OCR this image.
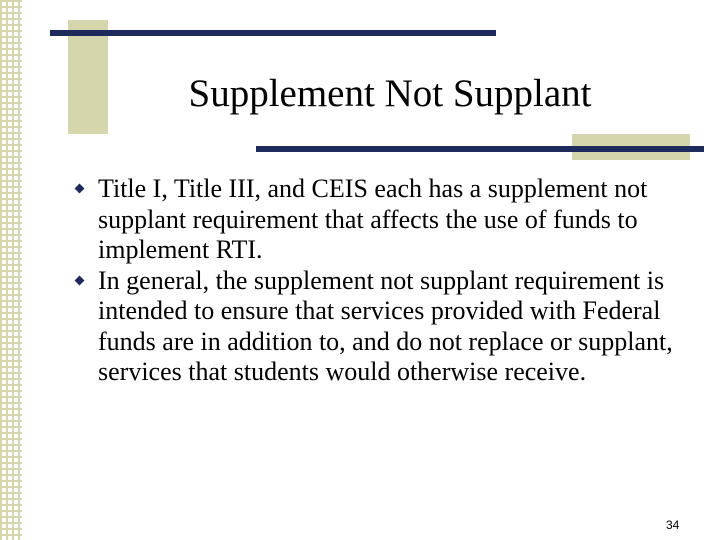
Supplement Not Supplant
Title I, Title III, and CEIS each has a supplement not supplant requirement that affects the use of funds to implement RTI.
In general, the supplement not supplant requirement is intended to ensure that services provided with Federal funds are in addition to, and do not replace or supplant, services that students would otherwise receive.
34
